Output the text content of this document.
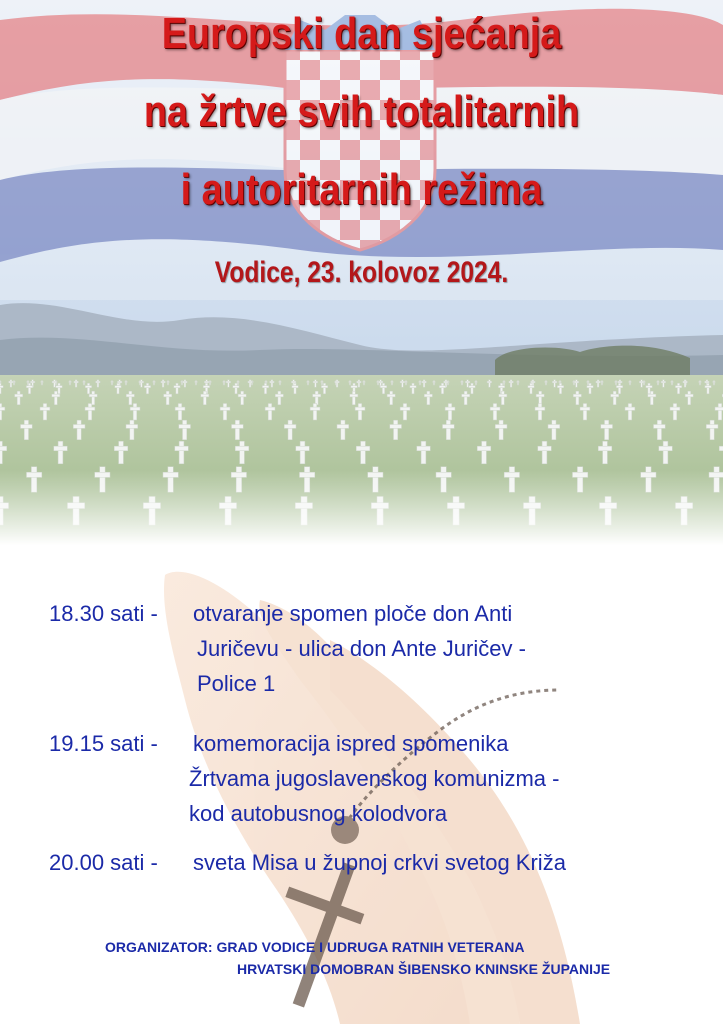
Europski dan sjećanja
na žrtve svih totalitarnih
i autoritarnih režima
Vodice, 23. kolovoz 2024.
18.30 sati - otvaranje spomen ploče don Anti
Juričevu - ulica don Ante Juričev -
Police 1
19.15 sati - komemoracija ispred spomenika
Žrtvama jugoslavenskog komunizma -
kod autobusnog kolodvora
20.00 sati - sveta Misa u župnoj crkvi svetog Križa
ORGANIZATOR: GRAD VODICE I UDRUGA RATNIH VETERANA
HRVATSKI DOMOBRAN ŠIBENSKO KNINSKE ŽUPANIJE
